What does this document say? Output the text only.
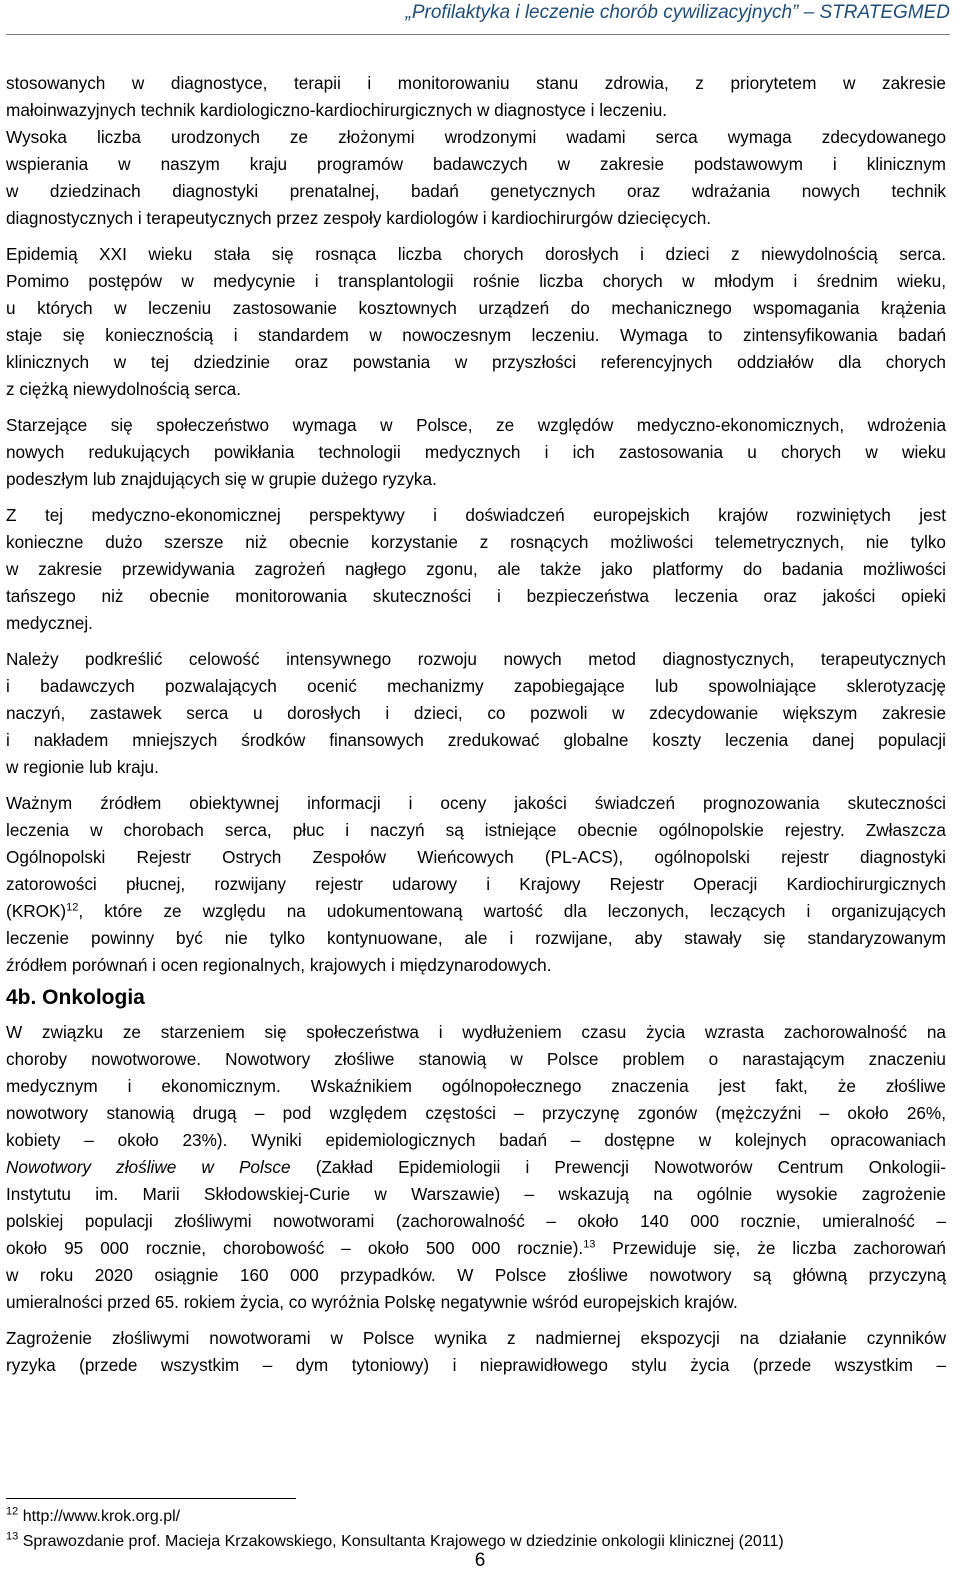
„Profilaktyka i leczenie chorób cywilizacyjnych” – STRATEGMED
stosowanych w diagnostyce, terapii i monitorowaniu stanu zdrowia, z priorytetem w zakresie
małoinwazyjnych technik kardiologiczno-kardiochirurgicznych w diagnostyce i leczeniu.
Wysoka liczba urodzonych ze złożonymi wrodzonymi wadami serca wymaga zdecydowanego
wspierania w naszym kraju programów badawczych w zakresie podstawowym i klinicznym
w dziedzinach diagnostyki prenatalnej, badań genetycznych oraz wdrażania nowych technik
diagnostycznych i terapeutycznych przez zespoły kardiologów i kardiochirurgów dziecięcych.
Epidemią XXI wieku stała się rosnąca liczba chorych dorosłych i dzieci z niewydolnością serca.
Pomimo postępów w medycynie i transplantologii rośnie liczba chorych w młodym i średnim wieku,
u których w leczeniu zastosowanie kosztownych urządzeń do mechanicznego wspomagania krążenia
staje się koniecznością i standardem w nowoczesnym leczeniu. Wymaga to zintensyfikowania badań
klinicznych w tej dziedzinie oraz powstania w przyszłości referencyjnych oddziałów dla chorych
z ciężką niewydolnością serca.
Starzejące się społeczeństwo wymaga w Polsce, ze względów medyczno-ekonomicznych, wdrożenia
nowych redukujących powikłania technologii medycznych i ich zastosowania u chorych w wieku
podeszłym lub znajdujących się w grupie dużego ryzyka.
Z tej medyczno-ekonomicznej perspektywy i doświadczeń europejskich krajów rozwiniętych jest
konieczne dużo szersze niż obecnie korzystanie z rosnących możliwości telemetrycznych, nie tylko
w zakresie przewidywania zagrożeń nagłego zgonu, ale także jako platformy do badania możliwości
tańszego niż obecnie monitorowania skuteczności i bezpieczeństwa leczenia oraz jakości opieki
medycznej.
Należy podkreślić celowość intensywnego rozwoju nowych metod diagnostycznych, terapeutycznych
i badawczych pozwalających ocenić mechanizmy zapobiegające lub spowolniające sklerotyzację
naczyń, zastawek serca u dorosłych i dzieci, co pozwoli w zdecydowanie większym zakresie
i nakładem mniejszych środków finansowych zredukować globalne koszty leczenia danej populacji
w regionie lub kraju.
Ważnym źródłem obiektywnej informacji i oceny jakości świadczeń prognozowania skuteczności
leczenia w chorobach serca, płuc i naczyń są istniejące obecnie ogólnopolskie rejestry. Zwłaszcza
Ogólnopolski Rejestr Ostrych Zespołów Wieńcowych (PL-ACS), ogólnopolski rejestr diagnostyki
zatorowości płucnej, rozwijany rejestr udarowy i Krajowy Rejestr Operacji Kardiochirurgicznych
(KROK)$^{12}$, które ze względu na udokumentowaną wartość dla leczonych, leczących i organizujących
leczenie powinny być nie tylko kontynuowane, ale i rozwijane, aby stawały się standaryzowanym
źródłem porównań i ocen regionalnych, krajowych i międzynarodowych.
4b. Onkologia
W związku ze starzeniem się społeczeństwa i wydłużeniem czasu życia wzrasta zachorowalność na
choroby nowotworowe. Nowotwory złośliwe stanowią w Polsce problem o narastającym znaczeniu
medycznym i ekonomicznym. Wskaźnikiem ogólnopołecznego znaczenia jest fakt, że złośliwe
nowotwory stanowią drugą – pod względem częstości – przyczynę zgonów (mężczyźni – około 26%,
kobiety – około 23%). Wyniki epidemiologicznych badań – dostępne w kolejnych opracowaniach
Nowotwory złośliwe w Polsce (Zakład Epidemiologii i Prewencji Nowotworów Centrum Onkologii-
Instytutu im. Marii Skłodowskiej-Curie w Warszawie) – wskazują na ogólnie wysokie zagrożenie
polskiej populacji złośliwymi nowotworami (zachorowalność – około 140 000 rocznie, umieralność –
około 95 000 rocznie, chorobowość – około 500 000 rocznie).$^{13}$ Przewiduje się, że liczba zachorowań
w roku 2020 osiągnie 160 000 przypadków. W Polsce złośliwe nowotwory są główną przyczyną
umieralności przed 65. rokiem życia, co wyróżnia Polskę negatywnie wśród europejskich krajów.
Zagrożenie złośliwymi nowotworami w Polsce wynika z nadmiernej ekspozycji na działanie czynników
ryzyka (przede wszystkim – dym tytoniowy) i nieprawidłowego stylu życia (przede wszystkim –
$^{12}$ http://www.krok.org.pl/
$^{13}$ Sprawozdanie prof. Macieja Krzakowskiego, Konsultanta Krajowego w dziedzinie onkologii klinicznej (2011)
6
